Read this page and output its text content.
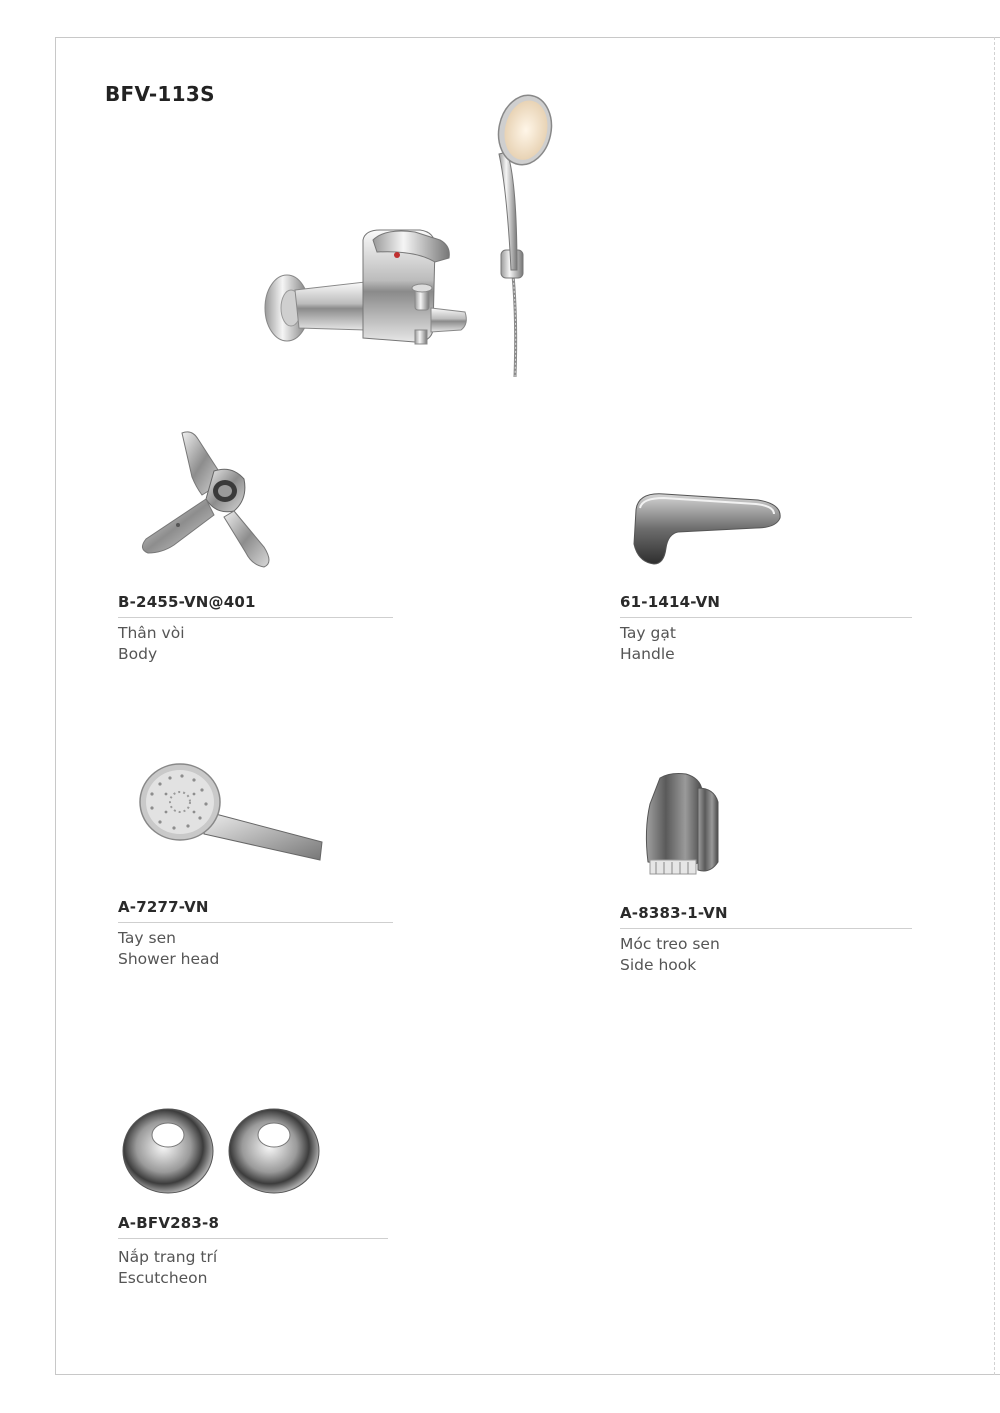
BFV-113S
B-2455-VN@401
Thân vòi
Body
61-1414-VN
Tay gạt
Handle
A-7277-VN
Tay sen
Shower head
A-8383-1-VN
Móc treo sen
Side hook
A-BFV283-8
Nắp trang trí
Escutcheon
